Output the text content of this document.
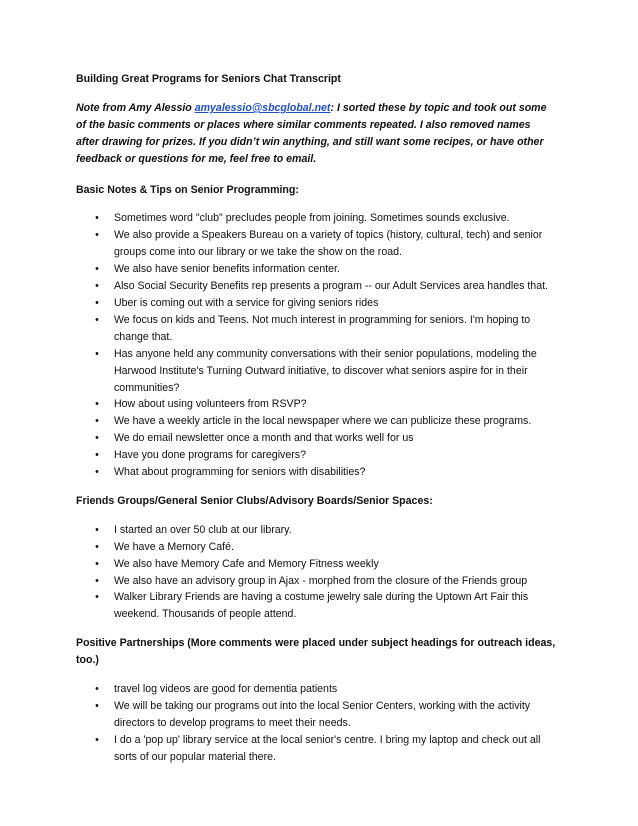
Building Great Programs for Seniors Chat Transcript

Note from Amy Alessio amyalessio@sbcglobal.net: I sorted these by topic and took out some of the basic comments or places where similar comments repeated. I also removed names after drawing for prizes. If you didn’t win anything, and still want some recipes, or have other feedback or questions for me, feel free to email.

Basic Notes & Tips on Senior Programming:

• Sometimes word "club" precludes people from joining. Sometimes sounds exclusive.
• We also provide a Speakers Bureau on a variety of topics (history, cultural, tech) and senior groups come into our library or we take the show on the road.
• We also have senior benefits information center.
• Also Social Security Benefits rep presents a program -- our Adult Services area handles that.
• Uber is coming out with a service for giving seniors rides
• We focus on kids and Teens. Not much interest in programming for seniors. I'm hoping to change that.
• Has anyone held any community conversations with their senior populations, modeling the Harwood Institute's Turning Outward initiative, to discover what seniors aspire for in their communities?
• How about using volunteers from RSVP?
• We have a weekly article in the local newspaper where we can publicize these programs.
• We do email newsletter once a month and that works well for us
• Have you done programs for caregivers?
• What about programming for seniors with disabilities?

Friends Groups/General Senior Clubs/Advisory Boards/Senior Spaces:

• I started an over 50 club at our library.
• We have a Memory Café.
• We also have Memory Cafe and Memory Fitness weekly
• We also have an advisory group in Ajax - morphed from the closure of the Friends group
• Walker Library Friends are having a costume jewelry sale during the Uptown Art Fair this weekend. Thousands of people attend.

Positive Partnerships (More comments were placed under subject headings for outreach ideas, too.)

• travel log videos are good for dementia patients
• We will be taking our programs out into the local Senior Centers, working with the activity directors to develop programs to meet their needs.
• I do a 'pop up' library service at the local senior's centre. I bring my laptop and check out all sorts of our popular material there.
